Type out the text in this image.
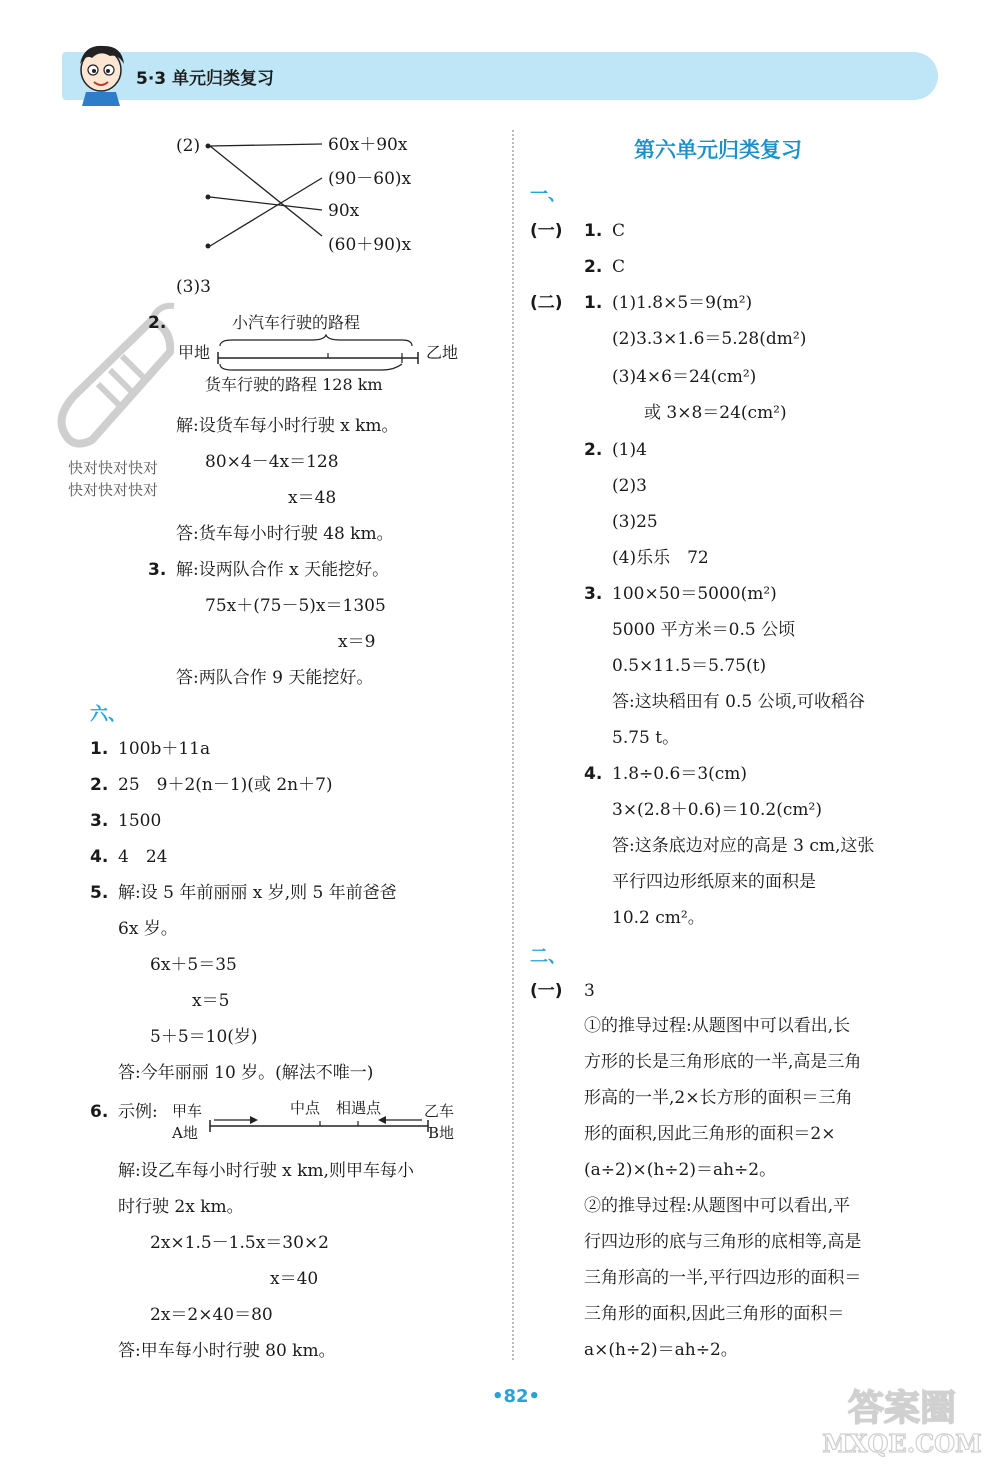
5·3 单元归类复习
(2)	60x＋90x
(90－60)x
90x
(60＋90)x
(3)3
快对快对快对
快对快对快对
2.	小汽车行驶的路程
甲地	乙地
货车行驶的路程 128 km
解:设货车每小时行驶 x km。
80×4－4x＝128
x＝48
答:货车每小时行驶 48 km。
3. 解:设两队合作 x 天能挖好。
75x＋(75－5)x＝1305
x＝9
答:两队合作 9 天能挖好。
六、
1. 100b＋11a
2. 25　9＋2(n－1)(或 2n＋7)
3. 1500
4. 4　24
5. 解:设 5 年前丽丽 x 岁,则 5 年前爸爸
6x 岁。
6x＋5＝35
x＝5
5＋5＝10(岁)
答:今年丽丽 10 岁。(解法不唯一)
6. 示例: 甲车
A地
中点 相遇点	乙车
B地
解:设乙车每小时行驶 x km,则甲车每小
时行驶 2x km。
2x×1.5－1.5x＝30×2
x＝40
2x＝2×40＝80
答:甲车每小时行驶 80 km。
第六单元归类复习
一、
(一) 1. C
2. C
(二) 1. (1)1.8×5＝9(m²)
(2)3.3×1.6＝5.28(dm²)
(3)4×6＝24(cm²)
或 3×8＝24(cm²)
2. (1)4
(2)3
(3)25
(4)乐乐　72
3. 100×50＝5000(m²)
5000 平方米＝0.5 公顷
0.5×11.5＝5.75(t)
答:这块稻田有 0.5 公顷,可收稻谷
5.75 t。
4. 1.8÷0.6＝3(cm)
3×(2.8＋0.6)＝10.2(cm²)
答:这条底边对应的高是 3 cm,这张
平行四边形纸原来的面积是
10.2 cm²。
二、
(一) 3
①的推导过程:从题图中可以看出,长
方形的长是三角形底的一半,高是三角
形高的一半,2×长方形的面积＝三角
形的面积,因此三角形的面积＝2×
(a÷2)×(h÷2)＝ah÷2。
②的推导过程:从题图中可以看出,平
行四边形的底与三角形的底相等,高是
三角形高的一半,平行四边形的面积＝
三角形的面积,因此三角形的面积＝
a×(h÷2)＝ah÷2。
•82•	答案圈
MXQE.COM
